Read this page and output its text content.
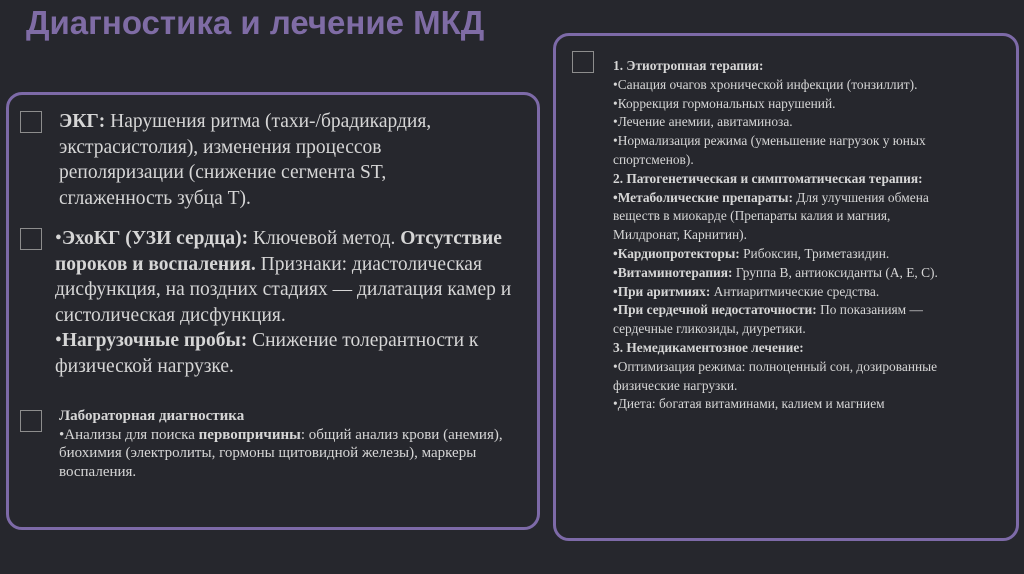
Диагностика и лечение МКД
ЭКГ: Нарушения ритма (тахи-/брадикардия, экстрасистолия), изменения процессов реполяризации (снижение сегмента ST, сглаженность зубца Т).
•ЭхоКГ (УЗИ сердца): Ключевой метод. Отсутствие пороков и воспаления. Признаки: диастолическая дисфункция, на поздних стадиях — дилатация камер и систолическая дисфункция.
•Нагрузочные пробы: Снижение толерантности к физической нагрузке.
Лабораторная диагностика
•Анализы для поиска первопричины: общий анализ крови (анемия), биохимия (электролиты, гормоны щитовидной железы), маркеры воспаления.
1. Этиотропная терапия:
•Санация очагов хронической инфекции (тонзиллит).
•Коррекция гормональных нарушений.
•Лечение анемии, авитаминоза.
•Нормализация режима (уменьшение нагрузок у юных
спортсменов).
2. Патогенетическая и симптоматическая терапия:
•Метаболические препараты: Для улучшения обмена
веществ в миокарде (Препараты калия и магния,
Милдронат, Карнитин).
•Кардиопротекторы: Рибоксин, Триметазидин.
•Витаминотерапия: Группа В, антиоксиданты (А, Е, С).
•При аритмиях: Антиаритмические средства.
•При сердечной недостаточности: По показаниям —
сердечные гликозиды, диуретики.
3. Немедикаментозное лечение:
•Оптимизация режима: полноценный сон, дозированные
физические нагрузки.
•Диета: богатая витаминами, калием и магнием
